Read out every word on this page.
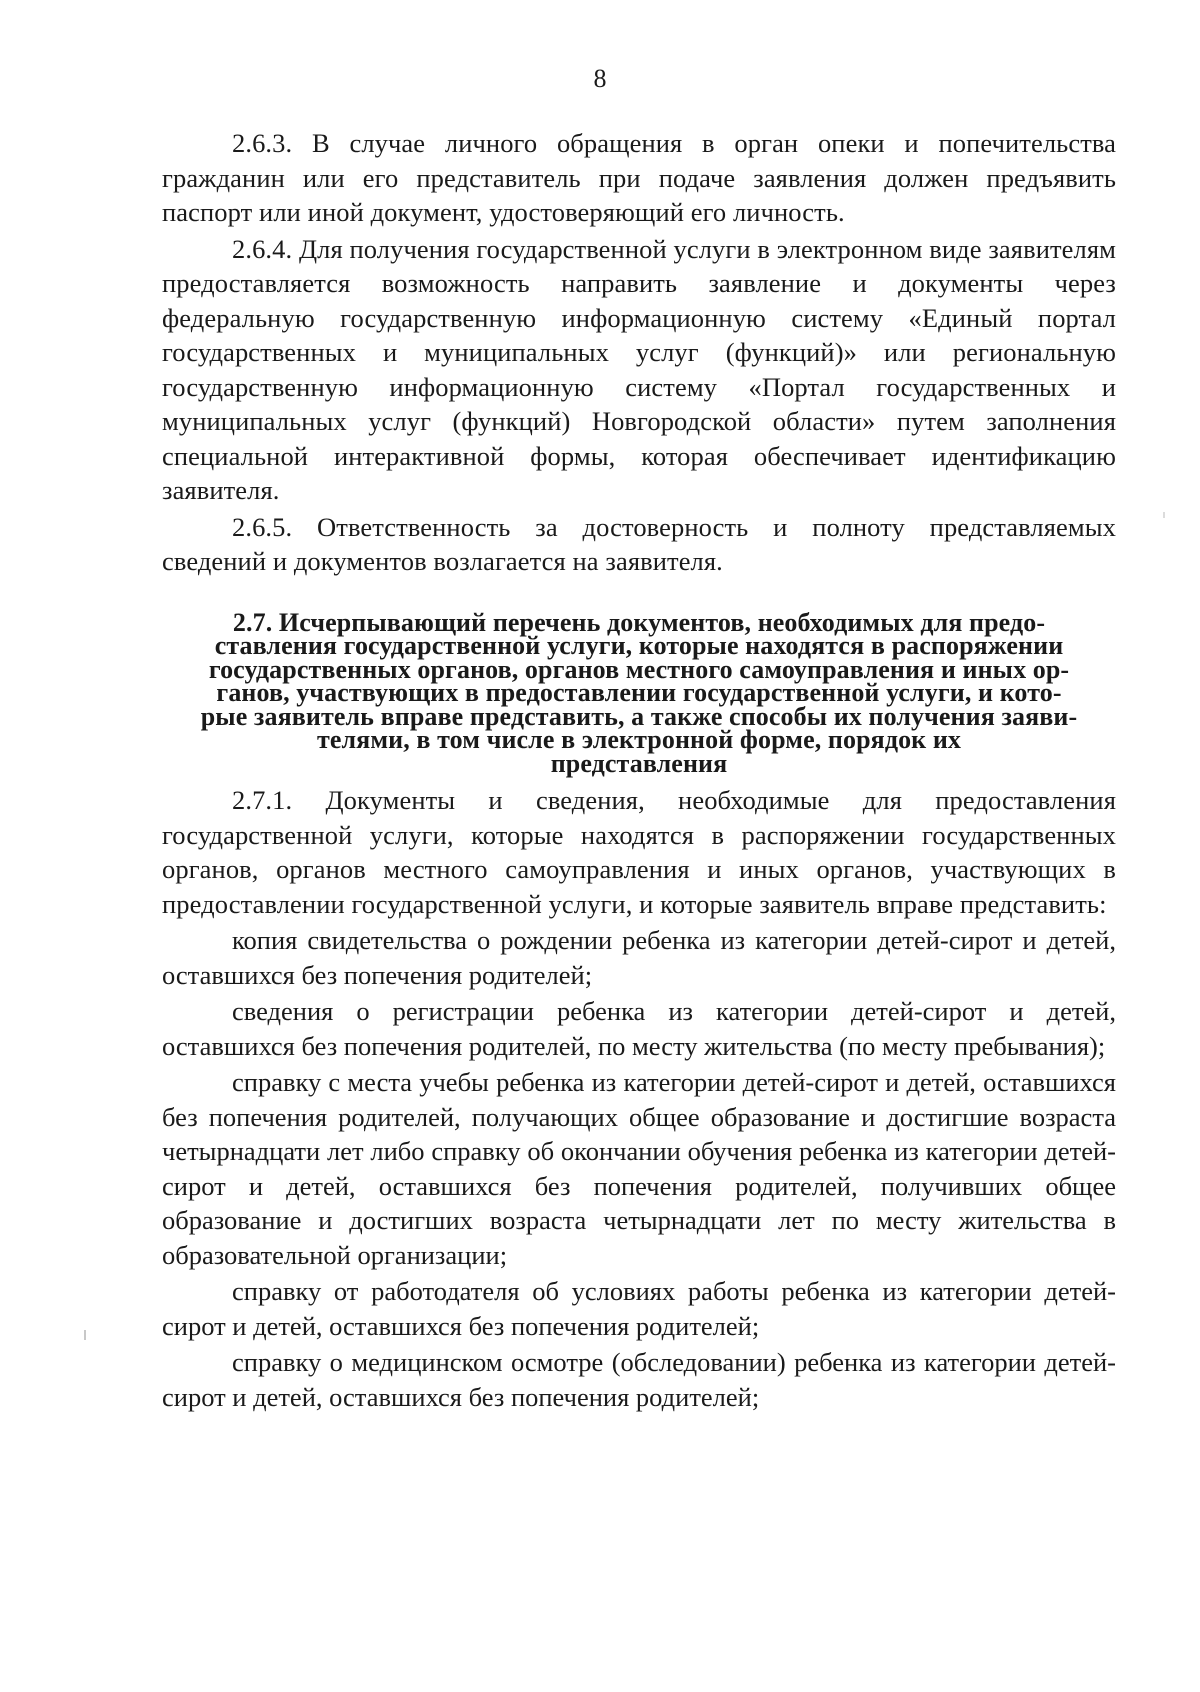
8

2.6.3. В случае личного обращения в орган опеки и попечительства гражданин или его представитель при подаче заявления должен предъявить паспорт или иной документ, удостоверяющий его личность.

2.6.4. Для получения государственной услуги в электронном виде заявителям предоставляется возможность направить заявление и документы через федеральную государственную информационную систему «Единый портал государственных и муниципальных услуг (функций)» или региональную государственную информационную систему «Портал государственных и муниципальных услуг (функций) Новгородской области» путем заполнения специальной интерактивной формы, которая обеспечивает идентификацию заявителя.

2.6.5. Ответственность за достоверность и полноту представляемых сведений и документов возлагается на заявителя.

2.7. Исчерпывающий перечень документов, необходимых для предо-
ставления государственной услуги, которые находятся в распоряжении
государственных органов, органов местного самоуправления и иных ор-
ганов, участвующих в предоставлении государственной услуги, и кото-
рые заявитель вправе представить, а также способы их получения заяви-
телями, в том числе в электронной форме, порядок их
представления

2.7.1. Документы и сведения, необходимые для предоставления государственной услуги, которые находятся в распоряжении государственных органов, органов местного самоуправления и иных органов, участвующих в предоставлении государственной услуги, и которые заявитель вправе представить:

копия свидетельства о рождении ребенка из категории детей-сирот и детей, оставшихся без попечения родителей;

сведения о регистрации ребенка из категории детей-сирот и детей, оставшихся без попечения родителей, по месту жительства (по месту пребывания);

справку с места учебы ребенка из категории детей-сирот и детей, оставшихся без попечения родителей, получающих общее образование и достигшие возраста четырнадцати лет либо справку об окончании обучения ребенка из категории детей-сирот и детей, оставшихся без попечения родителей, получивших общее образование и достигших возраста четырнадцати лет по месту жительства в образовательной организации;

справку от работодателя об условиях работы ребенка из категории детей-сирот и детей, оставшихся без попечения родителей;

справку о медицинском осмотре (обследовании) ребенка из категории детей-сирот и детей, оставшихся без попечения родителей;
